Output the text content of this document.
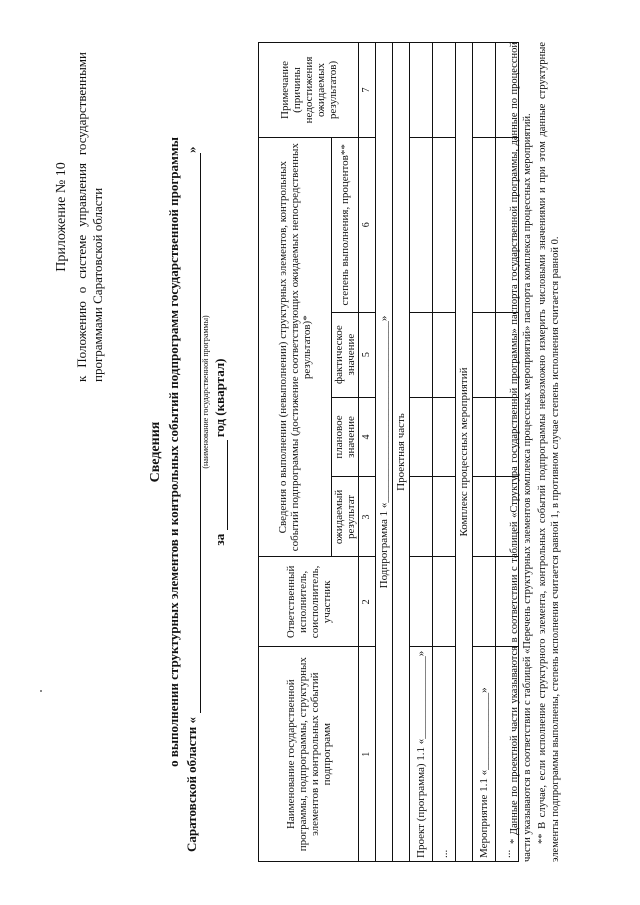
Приложение № 10 к Положению о системе управления государственными программами Саратовской области
Сведения о выполнении структурных элементов и контрольных событий подпрограмм государственной программы
Саратовской области « »
(наименование государственной программы)
за  год (квартал)
Наименование государственной программы, подпрограммы, структурных элементов и контрольных событий подпрограмм	Ответственный исполнитель, соисполнитель, участник	Сведения о выполнении (невыполнении) структурных элементов, контрольных событий подпрограммы (достижение соответствующих ожидаемых непосредственных результатов)*				Примечание (причины недостижения ожидаемых результатов)
		ожидаемый результат	плановое значение	фактическое значение	степень выполнения, процентов**	
1	2	3	4	5	6	7
Подпрограмма 1 «_________________________________»						
Проектная часть						
Проект (программа) 1.1 «_______________»						
...						
Комплекс процессных мероприятий						
Мероприятие 1.1 «______________»						
...						

* Данные по проектной части указываются в соответствии с таблицей «Структура государственной программы» паспорта государственной программы, данные по процессной части указываются в соответствии с таблицей «Перечень структурных элементов комплекса процессных мероприятий» паспорта комплекса процессных мероприятий. ** В случае, если исполнение структурного элемента, контрольных событий подпрограммы невозможно измерить числовыми значениями и при этом данные структурные элементы подпрограммы выполнены, степень исполнения считается равной 1, в противном случае степень исполнения считается равной 0.
